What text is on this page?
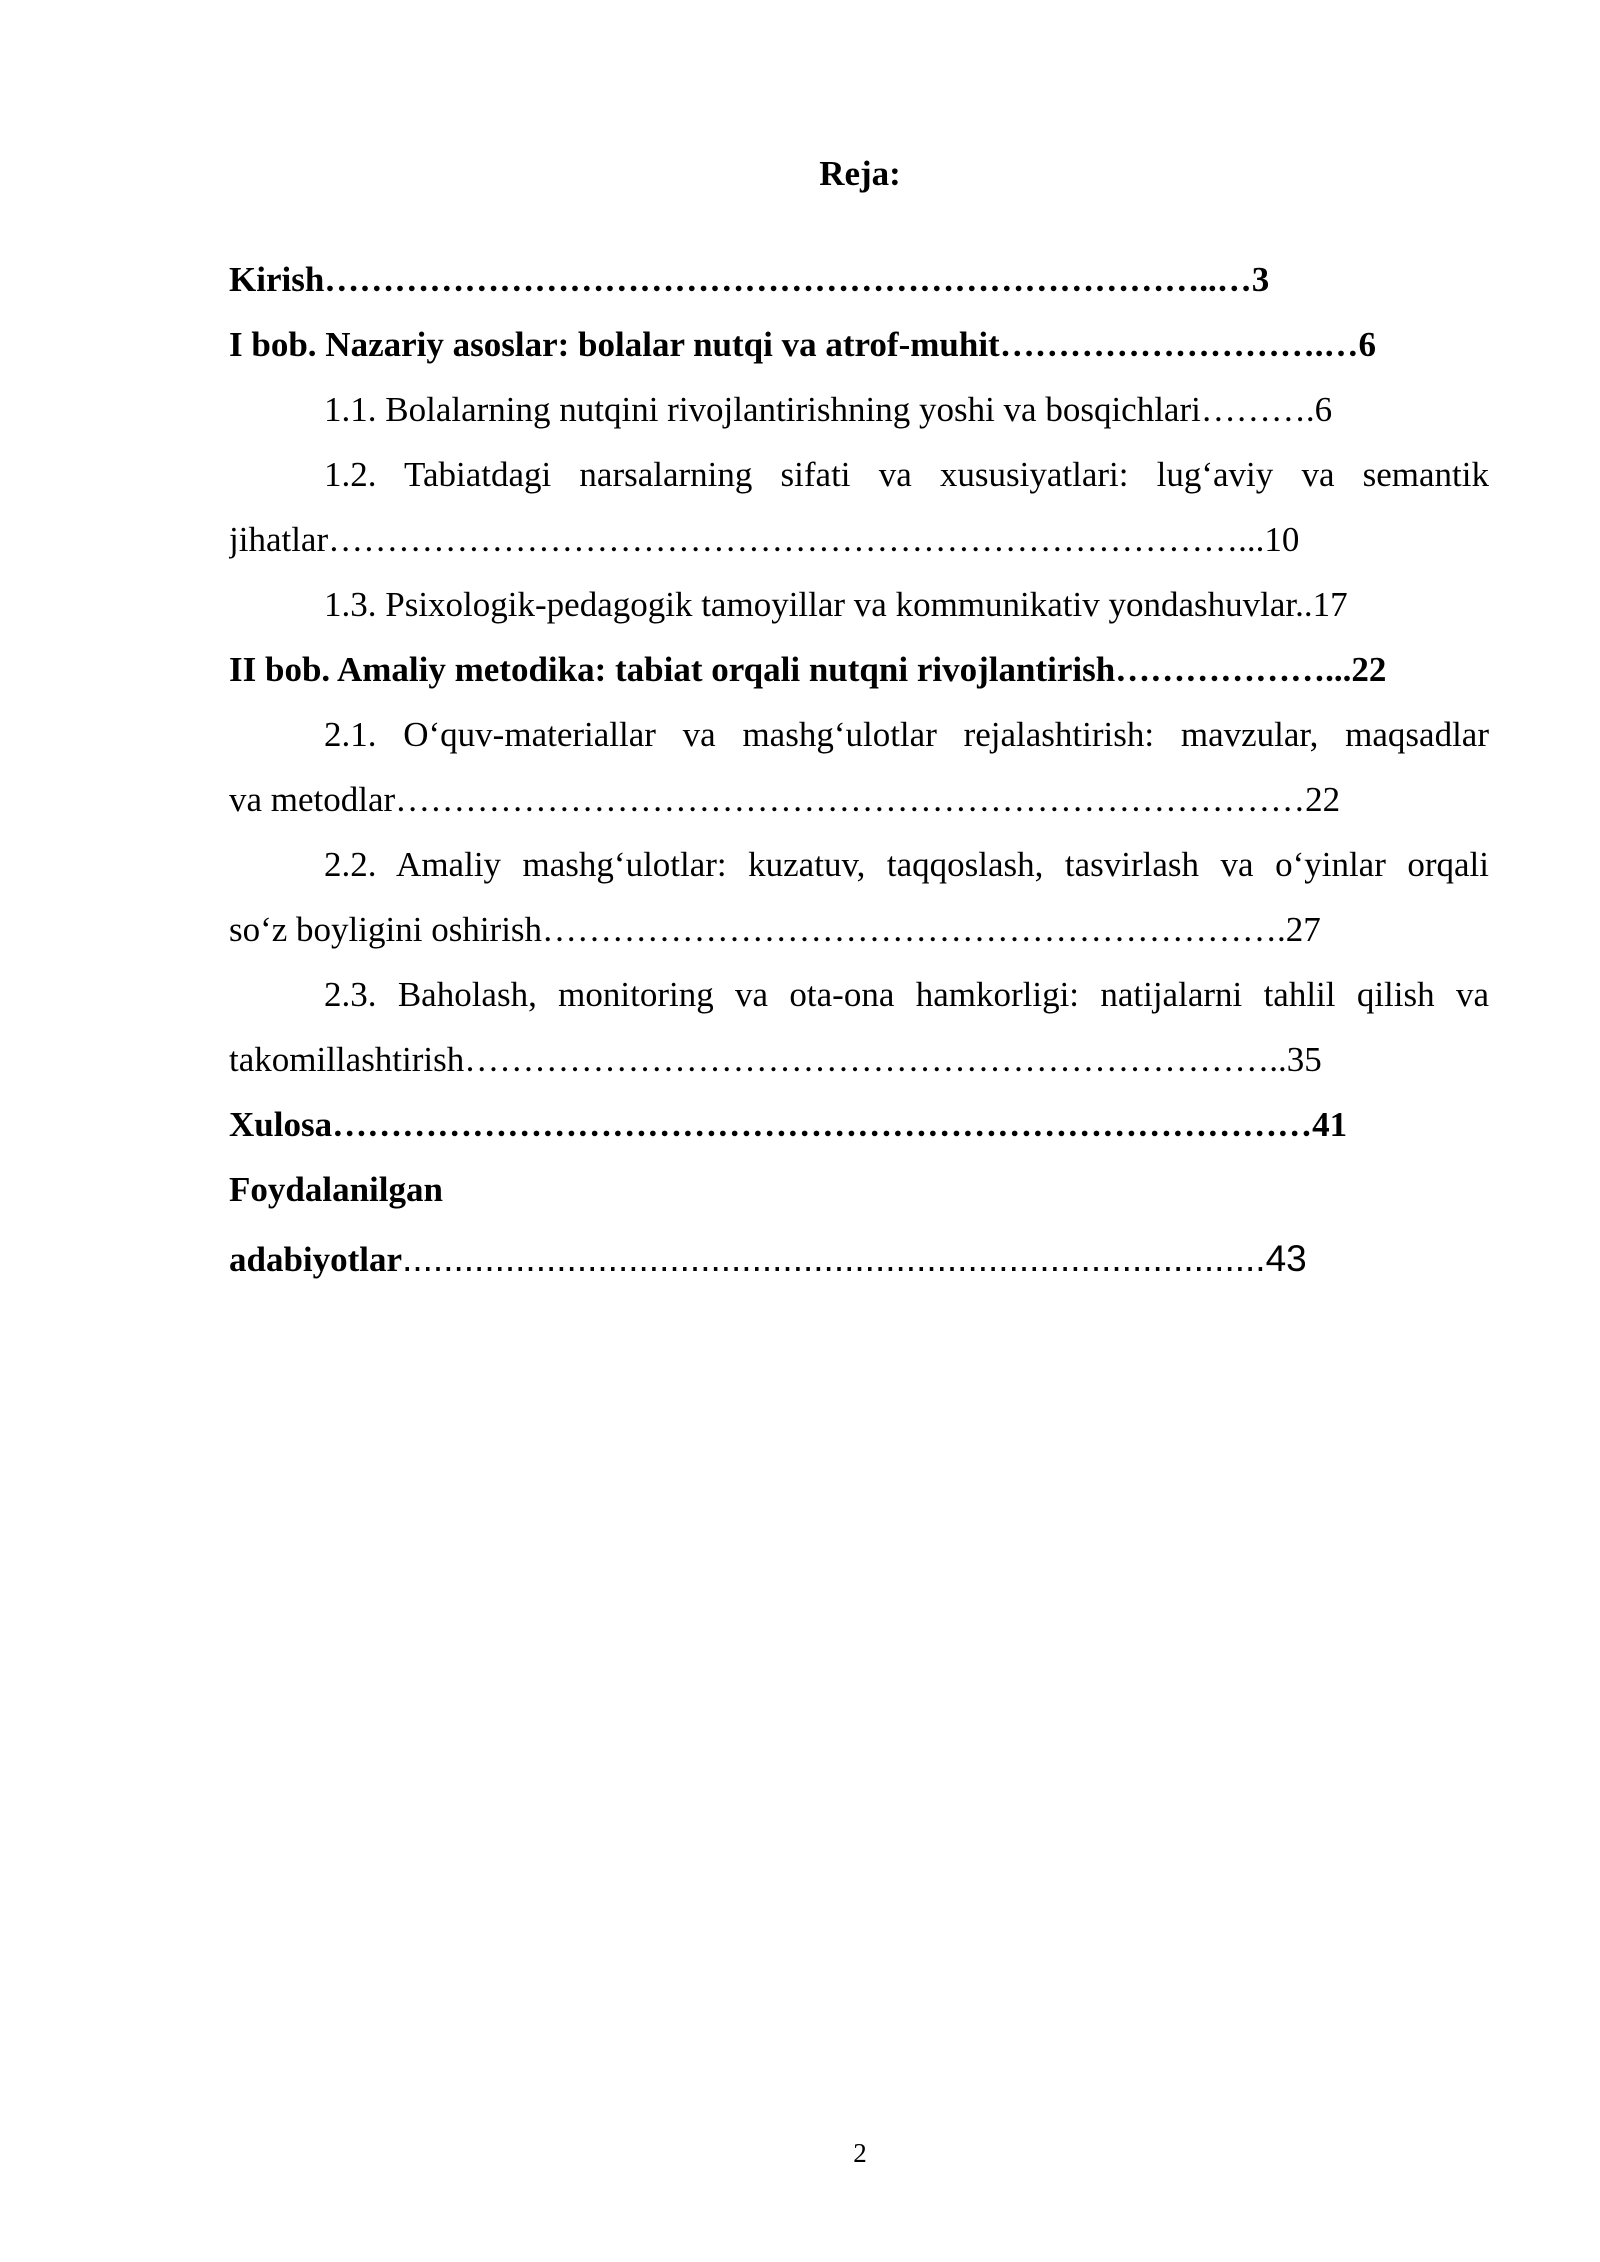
Reja:
Kirish…………………………………………………………………..…3
I bob. Nazariy asoslar: bolalar nutqi va atrof-muhit……………………….…6
1.1. Bolalarning nutqini rivojlantirishning yoshi va bosqichlari……….6
1.2. Tabiatdagi narsalarning sifati va xususiyatlari: lug‘aviy va semantik
jihatlar……………………………………………………………………...10
1.3. Psixologik-pedagogik tamoyillar va kommunikativ yondashuvlar..17
II bob. Amaliy metodika: tabiat orqali nutqni rivojlantirish………………...22
2.1. O‘quv-materiallar va mashg‘ulotlar rejalashtirish: mavzular, maqsadlar
va metodlar……………………………………………………………………22
2.2. Amaliy mashg‘ulotlar: kuzatuv, taqqoslash, tasvirlash va o‘yinlar orqali
so‘z boyligini oshirish……………………………………………………….27
2.3. Baholash, monitoring va ota-ona hamkorligi: natijalarni tahlil qilish va
takomillashtirish……………………………………………………………..35
Xulosa…………………………………………………………………………41
Foydalanilgan
adabiyotlar....................................................................................43
2
